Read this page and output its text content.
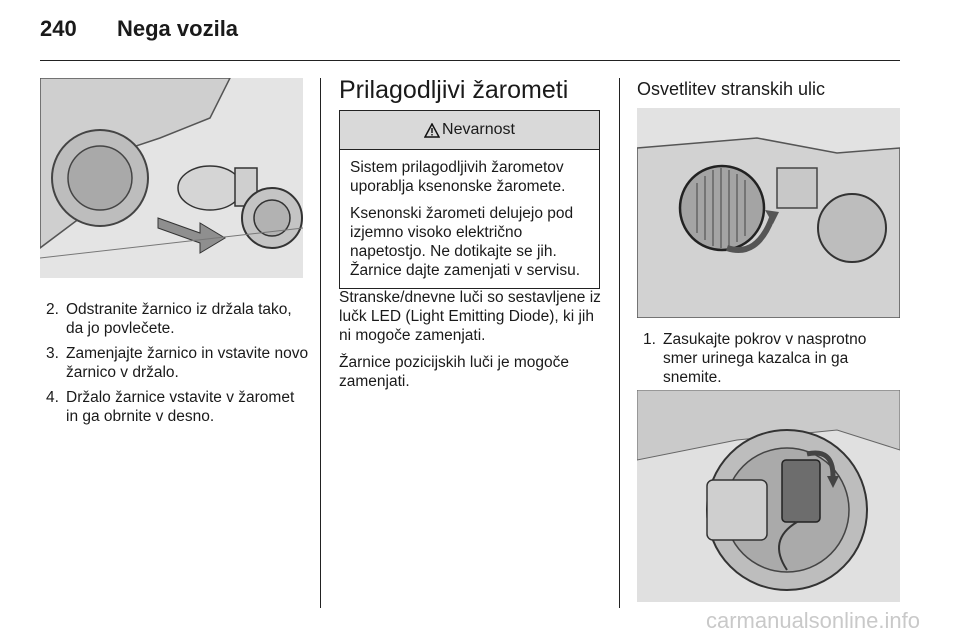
240 Nega vozila
2. Odstranite žarnico iz držala tako, da jo povlečete.
3. Zamenjajte žarnico in vstavite novo žarnico v držalo.
4. Držalo žarnice vstavite v žaromet in ga obrnite v desno.
Prilagodljivi žarometi
Nevarnost

Sistem prilagodljivih žarometov uporablja ksenonske žaromete.

Ksenonski žarometi delujejo pod izjemno visoko električno napetostjo. Ne dotikajte se jih. Žarnice dajte zamenjati v servisu.

Stranske/dnevne luči so sestavljene iz lučk LED (Light Emitting Diode), ki jih ni mogoče zamenjati.

Žarnice pozicijskih luči je mogoče zamenjati.

Osvetlitev stranskih ulic
1. Zasukajte pokrov v nasprotno smer urinega kazalca in ga snemite.
carmanualsonline.info
